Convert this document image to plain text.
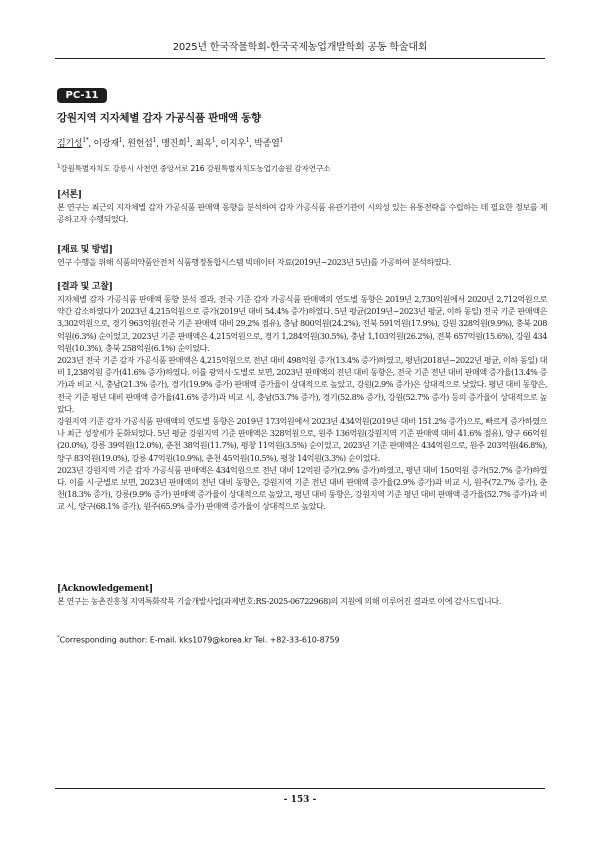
2025년 한국작물학회-한국국제농업개발학회 공동 학술대회
PC-11
강원지역 지자체별 감자 가공식품 판매액 동향
김기성$^{1*}$, 이광재$^1$, 원헌섭$^1$, 맹진희$^1$, 최옥$^1$, 이지우$^1$, 박종열$^1$
$^1$강원특별자치도 강릉시 사천면 중앙서로 216 강원특별자치도농업기술원 감자연구소

[서론]

본 연구는 최근의 지자체별 감자 가공식품 판매액 동향을 분석하여 감자 가공식품 유관기관이 시의성 있는 유통전략을 수립하는 데 필요한 정보를 제공하고자 수행되었다.

[재료 및 방법]

연구 수행을 위해 식품의약품안전처 식품행정통합시스템 빅데이터 자료(2019년∼2023년 5년)를 가공하여 분석하였다.

[결과 및 고찰]

지자체별 감자 가공식품 판매액 동향 분석 결과, 전국 기준 감자 가공식품 판매액의 연도별 동향은 2019년 2,730억원에서 2020년 2,712억원으로 약간 감소하였다가 2023년 4,215억원으로 증가(2019년 대비 54.4% 증가)하였다. 5년 평균(2019년∼2023년 평균, 이하 동일) 전국 기준 판매액은 3,302억원으로, 경기 963억원(전국 기준 판매액 대비 29.2% 점유), 충남 800억원(24.2%), 전북 591억원(17.9%), 강원 328억원(9.9%), 충북 208억원(6.3%) 순이었고, 2023년 기준 판매액은 4,215억원으로, 경기 1,284억원(30.5%), 충남 1,103억원(26.2%), 전북 657억원(15.6%), 강원 434억원(10.3%), 충북 258억원(6.1%) 순이었다.

2023년 전국 기준 감자 가공식품 판매액은 4,215억원으로 전년 대비 498억원 증가(13.4% 증가)하였고, 평년(2018년∼2022년 평균, 이하 동일) 대비 1,238억원 증가(41.6% 증가)하였다. 이를 광역시·도별로 보면, 2023년 판매액의 전년 대비 동향은, 전국 기준 전년 대비 판매액 증가율(13.4% 증가)과 비교 시, 충남(21.3% 증가), 경기(19.9% 증가) 판매액 증가율이 상대적으로 높았고, 강원(2.9% 증가)은 상대적으로 낮았다. 평년 대비 동향은, 전국 기준 평년 대비 판매액 증가율(41.6% 증가)과 비교 시, 충남(53.7% 증가), 경기(52.8% 증가), 강원(52.7% 증가) 등의 증가율이 상대적으로 높았다.

강원지역 기준 감자 가공식품 판매액의 연도별 동향은 2019년 173억원에서 2023년 434억원(2019년 대비 151.2% 증가)으로, 빠르게 증가하였으나 최근 성장세가 둔화되었다. 5년 평균 강원지역 기준 판매액은 328억원으로, 원주 136억원(강원지역 기준 판매액 대비 41.6% 점유), 양구 66억원(20.0%), 강릉 39억원(12.0%), 춘천 38억원(11.7%), 평창 11억원(3.5%) 순이었고, 2023년 기준 판매액은 434억원으로, 원주 203억원(46.8%), 양구 83억원(19.0%), 강릉 47억원(10.9%), 춘천 45억원(10.5%), 평창 14억원(3.3%) 순이었다.

2023년 강원지역 기준 감자 가공식품 판매액은 434억원으로 전년 대비 12억원 증가(2.9% 증가)하였고, 평년 대비 150억원 증가(52.7% 증가)하였다. 이를 시·군별로 보면, 2023년 판매액의 전년 대비 동향은, 강원지역 기준 전년 대비 판매액 증가율(2.9% 증가)과 비교 시, 원주(72.7% 증가), 춘천(18.3% 증가), 강릉(9.9% 증가) 판매액 증가율이 상대적으로 높았고, 평년 대비 동향은, 강원지역 기준 평년 대비 판매액 증가율(52.7% 증가)과 비교 시, 양구(68.1% 증가), 원주(65.9% 증가) 판매액 증가율이 상대적으로 높았다.

[Acknowledgement]

본 연구는 농촌진흥청 지역특화작목 기술개발사업(과제번호:RS-2025-06722968)의 지원에 의해 이루어진 결과로 이에 감사드립니다.

*Corresponding author: E-mail. kks1079@korea.kr Tel. +82-33-610-8759
- 153 -
